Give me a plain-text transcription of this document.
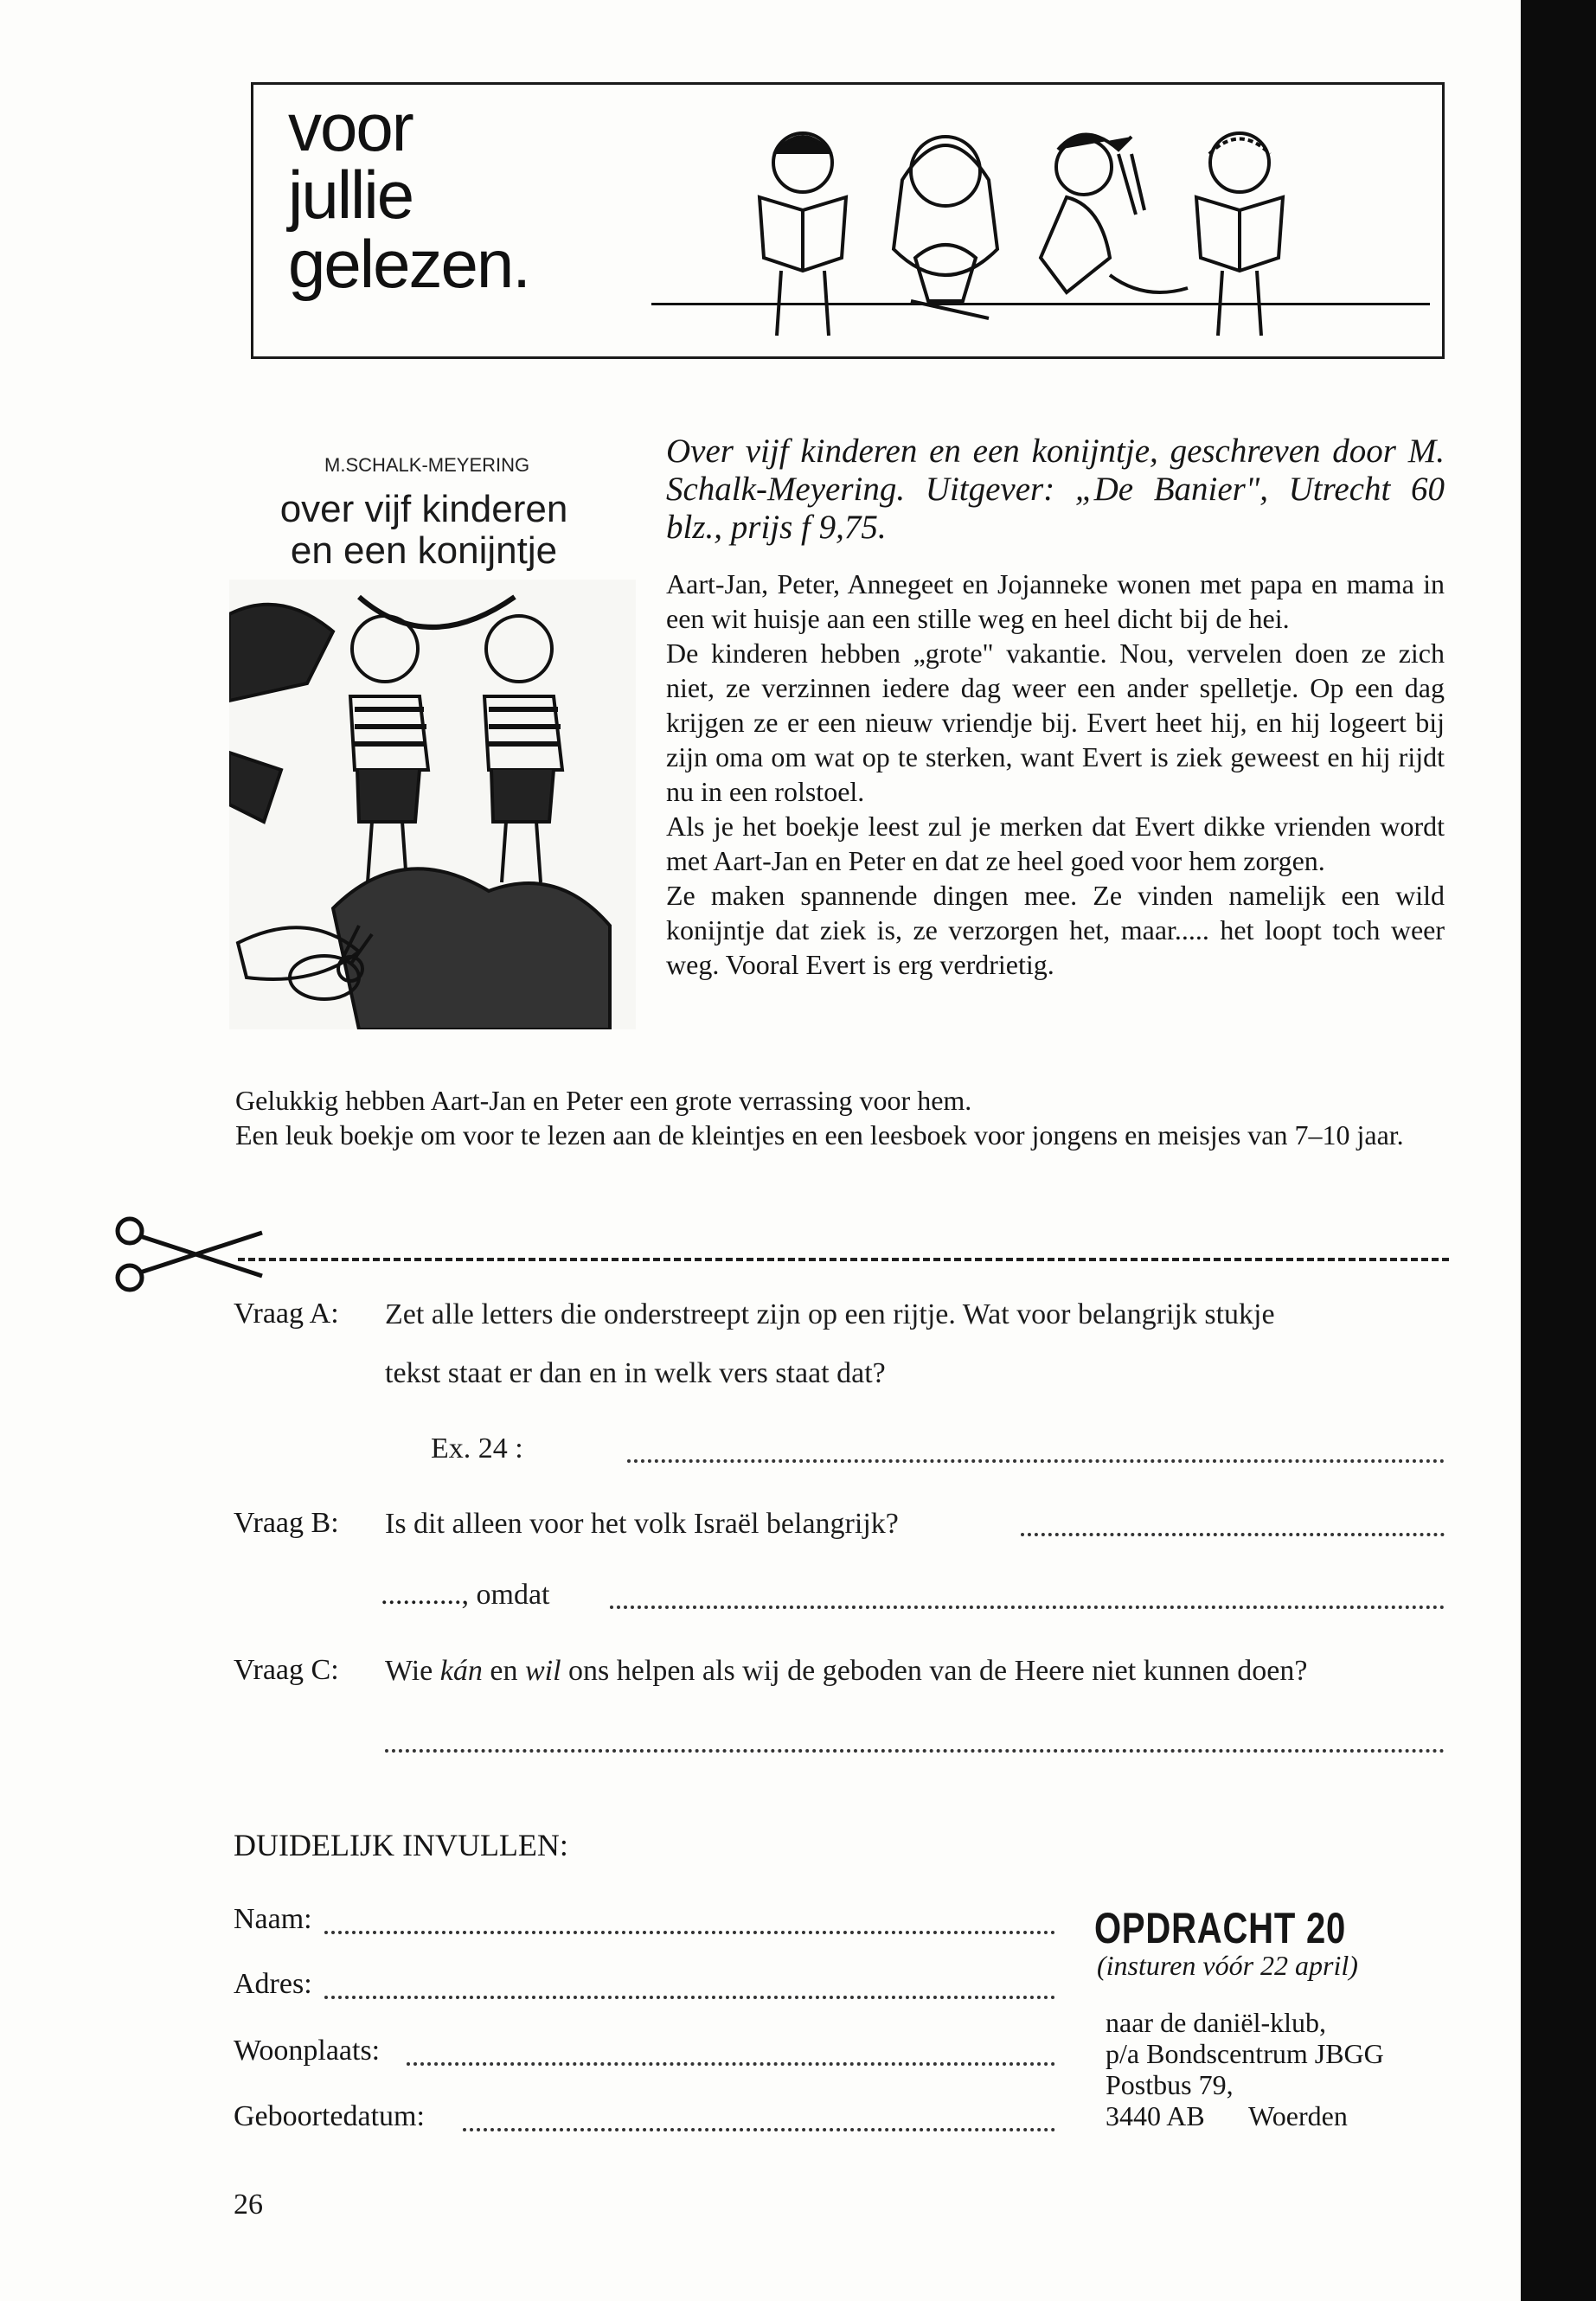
voor
jullie
gelezen.
M.SCHALK-MEYERING
over vijf kinderen
en een konijntje
Over vijf kinderen en een konijntje, geschreven door M. Schalk-Meyering. Uitgever: „De Banier", Utrecht 60 blz., prijs f 9,75.

Aart-Jan, Peter, Annegeet en Jojanneke wonen met papa en mama in een wit huisje aan een stille weg en heel dicht bij de hei.

De kinderen hebben „grote" vakantie. Nou, vervelen doen ze zich niet, ze verzinnen iedere dag weer een ander spelletje. Op een dag krijgen ze er een nieuw vriendje bij. Evert heet hij, en hij logeert bij zijn oma om wat op te sterken, want Evert is ziek geweest en hij rijdt nu in een rolstoel.

Als je het boekje leest zul je merken dat Evert dikke vrienden wordt met Aart-Jan en Peter en dat ze heel goed voor hem zorgen.

Ze maken spannende dingen mee. Ze vinden namelijk een wild konijntje dat ziek is, ze verzorgen het, maar..... het loopt toch weer weg. Vooral Evert is erg verdrietig.

Gelukkig hebben Aart-Jan en Peter een grote verrassing voor hem.

Een leuk boekje om voor te lezen aan de kleintjes en een leesboek voor jongens en meisjes van 7–10 jaar.

Vraag A: Zet alle letters die onderstreept zijn op een rijtje. Wat voor belangrijk stukje
tekst staat er dan en in welk vers staat dat?
Ex. 24 :
Vraag B: Is dit alleen voor het volk Israël belangrijk?
..........., omdat
Vraag C: Wie kán en wil ons helpen als wij de geboden van de Heere niet kunnen doen?
DUIDELIJK INVULLEN:
Naam:
Adres:
Woonplaats:
Geboortedatum:
OPDRACHT 20
(insturen vóór 22 april)
naar de daniël-klub,
p/a Bondscentrum JBGG
Postbus 79,
3440 AB Woerden
26
